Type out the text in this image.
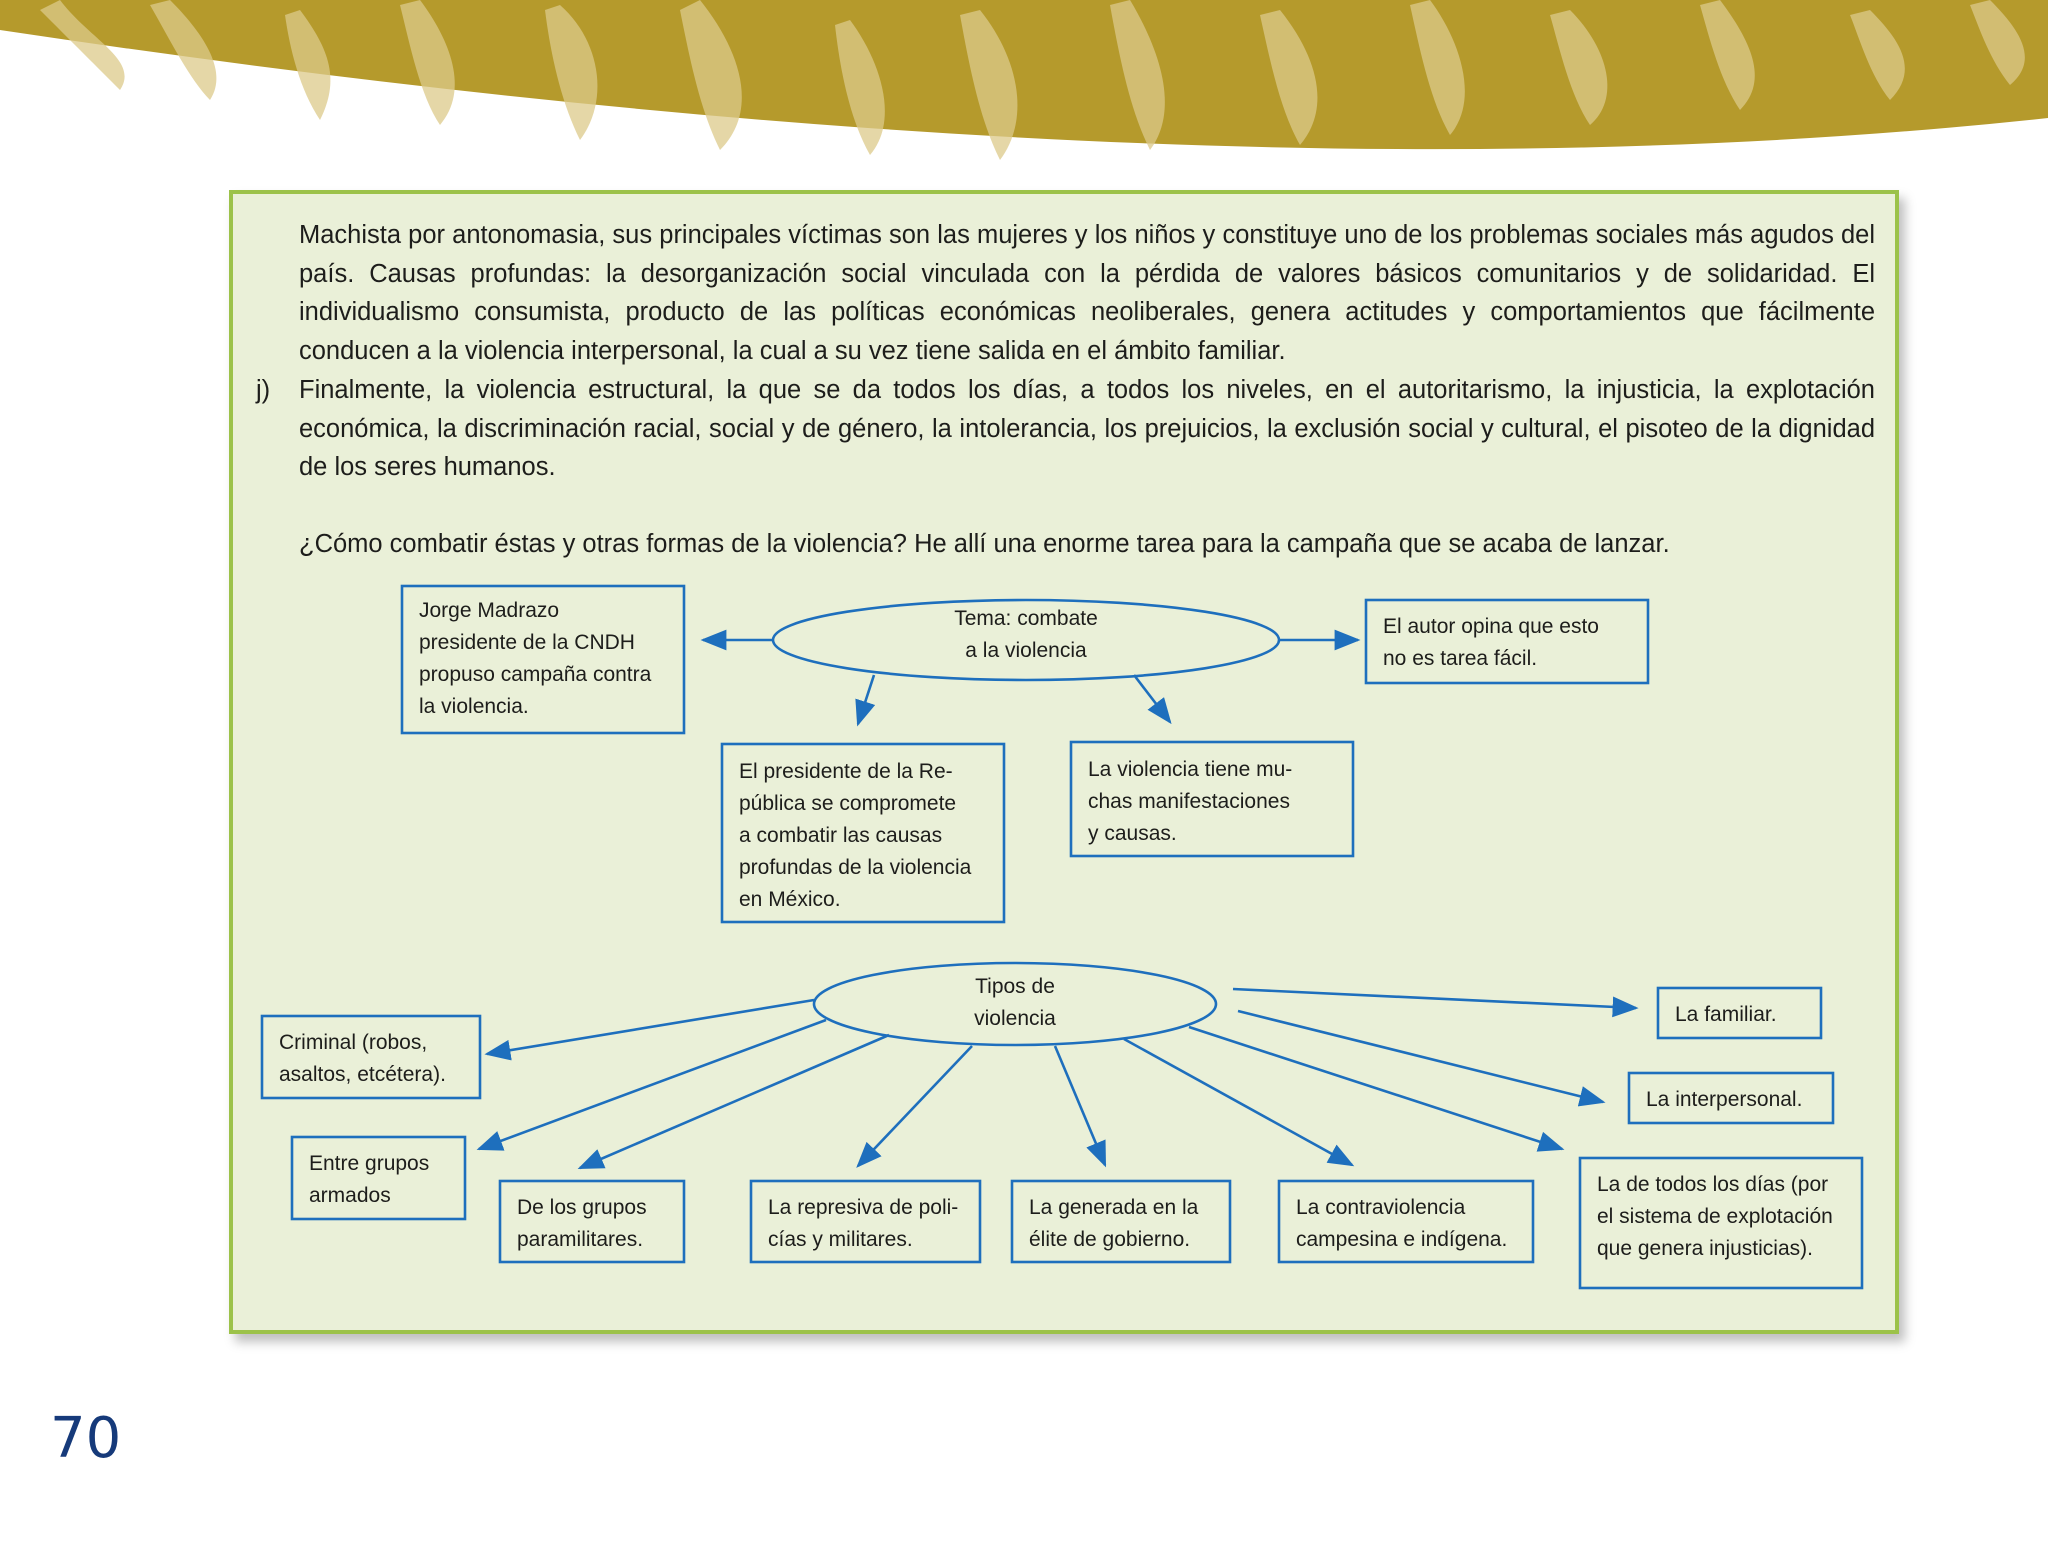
Machista por antonomasia, sus principales víctimas son las mujeres y los niños y constituye uno de los problemas sociales más agudos del país. Causas profundas: la desorganización social vinculada con la pérdida de valores básicos comunitarios y de solidaridad. El individualismo consumista, producto de las políticas económicas neoliberales, genera actitudes y comportamientos que fácilmente conducen a la violencia interpersonal, la cual a su vez tiene salida en el ámbito familiar.
j) Finalmente, la violencia estructural, la que se da todos los días, a todos los niveles, en el autoritarismo, la injusticia, la explotación económica, la discriminación racial, social y de género, la intolerancia, los prejuicios, la exclusión social y cultural, el pisoteo de la dignidad de los seres humanos.
¿Cómo combatir éstas y otras formas de la violencia? He allí una enorme tarea para la campaña que se acaba de lanzar.
Tema: combate
a la violencia
Jorge Madrazo
presidente de la CNDH
propuso campaña contra
la violencia.
El autor opina que esto
no es tarea fácil.
El presidente de la Re-
pública se compromete
a combatir las causas
profundas de la violencia
en México.
La violencia tiene mu-
chas manifestaciones
y causas.
Tipos de
violencia
Criminal (robos,
asaltos, etcétera).
Entre grupos
armados
De los grupos
paramilitares.
La represiva de poli-
cías y militares.
La generada en la
élite de gobierno.
La contraviolencia
campesina e indígena.
La familiar.
La interpersonal.
La de todos los días (por
el sistema de explotación
que genera injusticias).
70
